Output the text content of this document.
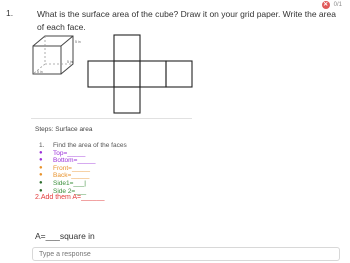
✕ 0/1
1.	What is the surface area of the cube? Draw it on your grid paper. Write the area of each face.
5 in
5 in
5 in
Steps: Surface area
1.	Find the area of the faces
●	Top=_____
●	Bottom=_____
●	Front=_____
●	Back=_____
●	Side1=___|
●	Side 2=___
2.Add them A=______
A=___square in
Type a response
